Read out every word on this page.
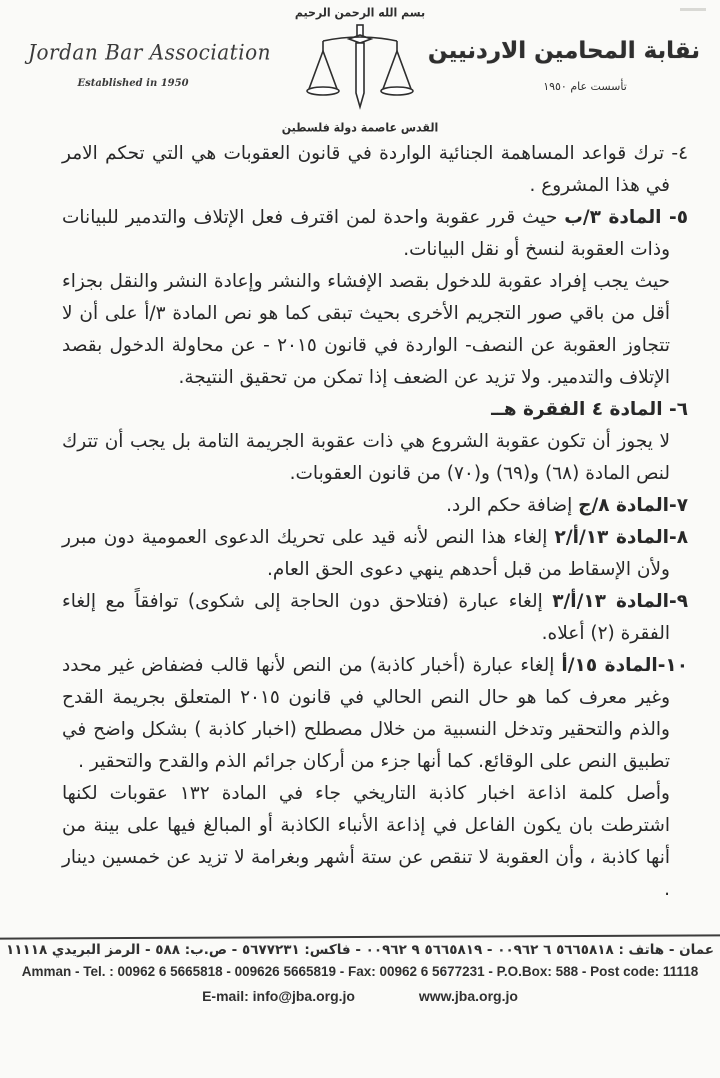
Jordan Bar Association
Established in 1950
بسم الله الرحمن الرحيم
القدس عاصمة دولة فلسطين
نقابة المحامين الاردنيين
تأسست عام ١٩٥٠
٤- ترك قواعد المساهمة الجنائية الواردة في قانون العقوبات هي التي تحكم الامر في هذا المشروع .
٥- المادة ٣/ب حيث قرر عقوبة واحدة لمن اقترف فعل الإتلاف والتدمير للبيانات وذات العقوبة لنسخ أو نقل البيانات.
حيث يجب إفراد عقوبة للدخول بقصد الإفشاء والنشر وإعادة النشر والنقل بجزاء أقل من باقي صور التجريم الأخرى بحيث تبقى كما هو نص المادة ٣/أ على أن لا تتجاوز العقوبة عن النصف- الواردة في قانون ٢٠١٥ - عن محاولة الدخول بقصد الإتلاف والتدمير. ولا تزيد عن الضعف إذا تمكن من تحقيق النتيجة.
٦- المادة ٤ الفقرة هــ
لا يجوز أن تكون عقوبة الشروع هي ذات عقوبة الجريمة التامة بل يجب أن تترك لنص المادة (٦٨) و(٦٩) و(٧٠) من قانون العقوبات.
٧-المادة ٨/ج إضافة حكم الرد.
٨-المادة ١٣/أ/٢ إلغاء هذا النص لأنه قيد على تحريك الدعوى العمومية دون مبرر ولأن الإسقاط من قبل أحدهم ينهي دعوى الحق العام.
٩-المادة ١٣/أ/٣ إلغاء عبارة (فتلاحق دون الحاجة إلى شكوى) توافقاً مع إلغاء الفقرة (٢) أعلاه.
١٠-المادة ١٥/أ إلغاء عبارة (أخبار كاذبة) من النص لأنها قالب فضفاض غير محدد وغير معرف كما هو حال النص الحالي في قانون ٢٠١٥ المتعلق بجريمة القدح والذم والتحقير وتدخل النسبية من خلال مصطلح (اخبار كاذبة ) بشكل واضح في تطبيق النص على الوقائع. كما أنها جزء من أركان جرائم الذم والقدح والتحقير .
وأصل كلمة اذاعة اخبار كاذبة التاريخي جاء في المادة ١٣٢ عقوبات لكنها اشترطت بان يكون الفاعل في إذاعة الأنباء الكاذبة أو المبالغ فيها على بينة من أنها كاذبة ، وأن العقوبة لا تنقص عن ستة أشهر وبغرامة لا تزيد عن خمسين دينار .
عمان - هاتف : ٥٦٦٥٨١٨ ٦ ٠٠٩٦٢ - ٥٦٦٥٨١٩ ٩ ٠٠٩٦٢ - فاكس: ٥٦٧٧٢٣١ - ص.ب: ٥٨٨ - الرمز البريدي ١١١١٨
Amman - Tel. : 00962 6 5665818 - 009626 5665819 - Fax: 00962 6 5677231 - P.O.Box: 588 - Post code: 11118
E-mail: info@jba.org.jo	www.jba.org.jo
